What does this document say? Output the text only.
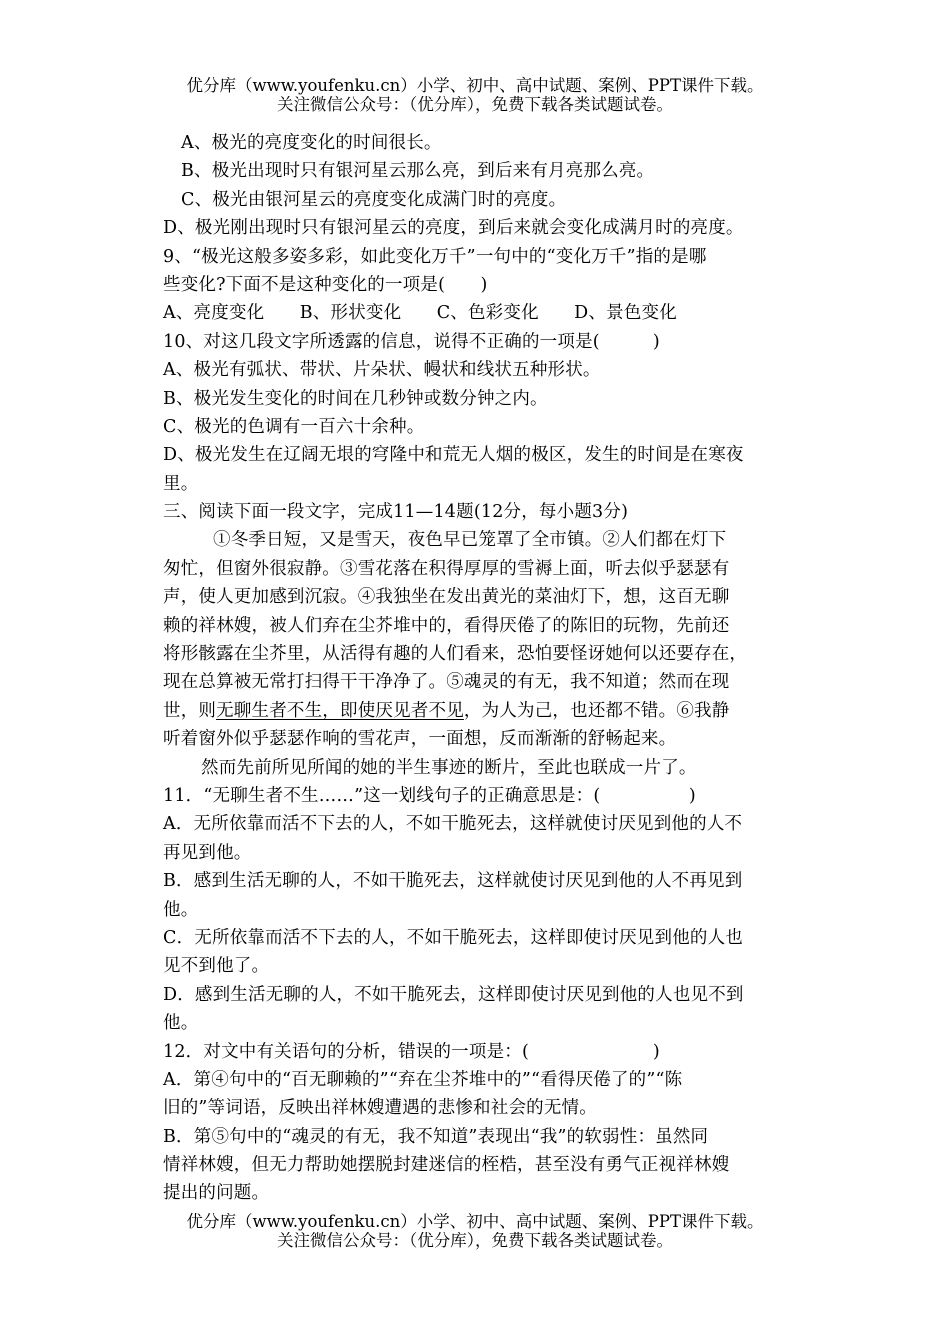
优分库（www.youfenku.cn）小学、初中、高中试题、案例、PPT课件下载。
关注微信公众号：（优分库），免费下载各类试题试卷。
A、极光的亮度变化的时间很长。
B、极光出现时只有银河星云那么亮，到后来有月亮那么亮。
C、极光由银河星云的亮度变化成满门时的亮度。
D、极光刚出现时只有银河星云的亮度，到后来就会变化成满月时的亮度。
9、“极光这般多姿多彩，如此变化万千”一句中的“变化万千”指的是哪
些变化?下面不是这种变化的一项是(　　)
A、亮度变化　　B、形状变化　　C、色彩变化　　D、景色变化
10、对这几段文字所透露的信息，说得不正确的一项是(　　　)
A、极光有弧状、带状、片朵状、幔状和线状五种形状。
B、极光发生变化的时间在几秒钟或数分钟之内。
C、极光的色调有一百六十余种。
D、极光发生在辽阔无垠的穹隆中和荒无人烟的极区，发生的时间是在寒夜
里。
三、阅读下面一段文字，完成11—14题(12分，每小题3分)
①冬季日短，又是雪天，夜色早已笼罩了全市镇。②人们都在灯下
匆忙，但窗外很寂静。③雪花落在积得厚厚的雪褥上面，听去似乎瑟瑟有
声，使人更加感到沉寂。④我独坐在发出黄光的菜油灯下，想，这百无聊
赖的祥林嫂，被人们弃在尘芥堆中的，看得厌倦了的陈旧的玩物，先前还
将形骸露在尘芥里，从活得有趣的人们看来，恐怕要怪讶她何以还要存在，
现在总算被无常打扫得干干净净了。⑤魂灵的有无，我不知道；然而在现
世，则无聊生者不生，即使厌见者不见，为人为己，也还都不错。⑥我静
听着窗外似乎瑟瑟作响的雪花声，一面想，反而渐渐的舒畅起来。
然而先前所见所闻的她的半生事迹的断片，至此也联成一片了。
11．“无聊生者不生……”这一划线句子的正确意思是：(　　　　　)
A．无所依靠而活不下去的人，不如干脆死去，这样就使讨厌见到他的人不
再见到他。
B．感到生活无聊的人，不如干脆死去，这样就使讨厌见到他的人不再见到
他。
C．无所依靠而活不下去的人，不如干脆死去，这样即使讨厌见到他的人也
见不到他了。
D．感到生活无聊的人，不如干脆死去，这样即使讨厌见到他的人也见不到
他。
12．对文中有关语句的分析，错误的一项是：(　　　　　　　)
A．第④句中的“百无聊赖的”“弃在尘芥堆中的”“看得厌倦了的”“陈
旧的”等词语，反映出祥林嫂遭遇的悲惨和社会的无情。
B．第⑤句中的“魂灵的有无，我不知道”表现出“我”的软弱性：虽然同
情祥林嫂，但无力帮助她摆脱封建迷信的桎梏，甚至没有勇气正视祥林嫂
提出的问题。
优分库（www.youfenku.cn）小学、初中、高中试题、案例、PPT课件下载。
关注微信公众号：（优分库），免费下载各类试题试卷。
